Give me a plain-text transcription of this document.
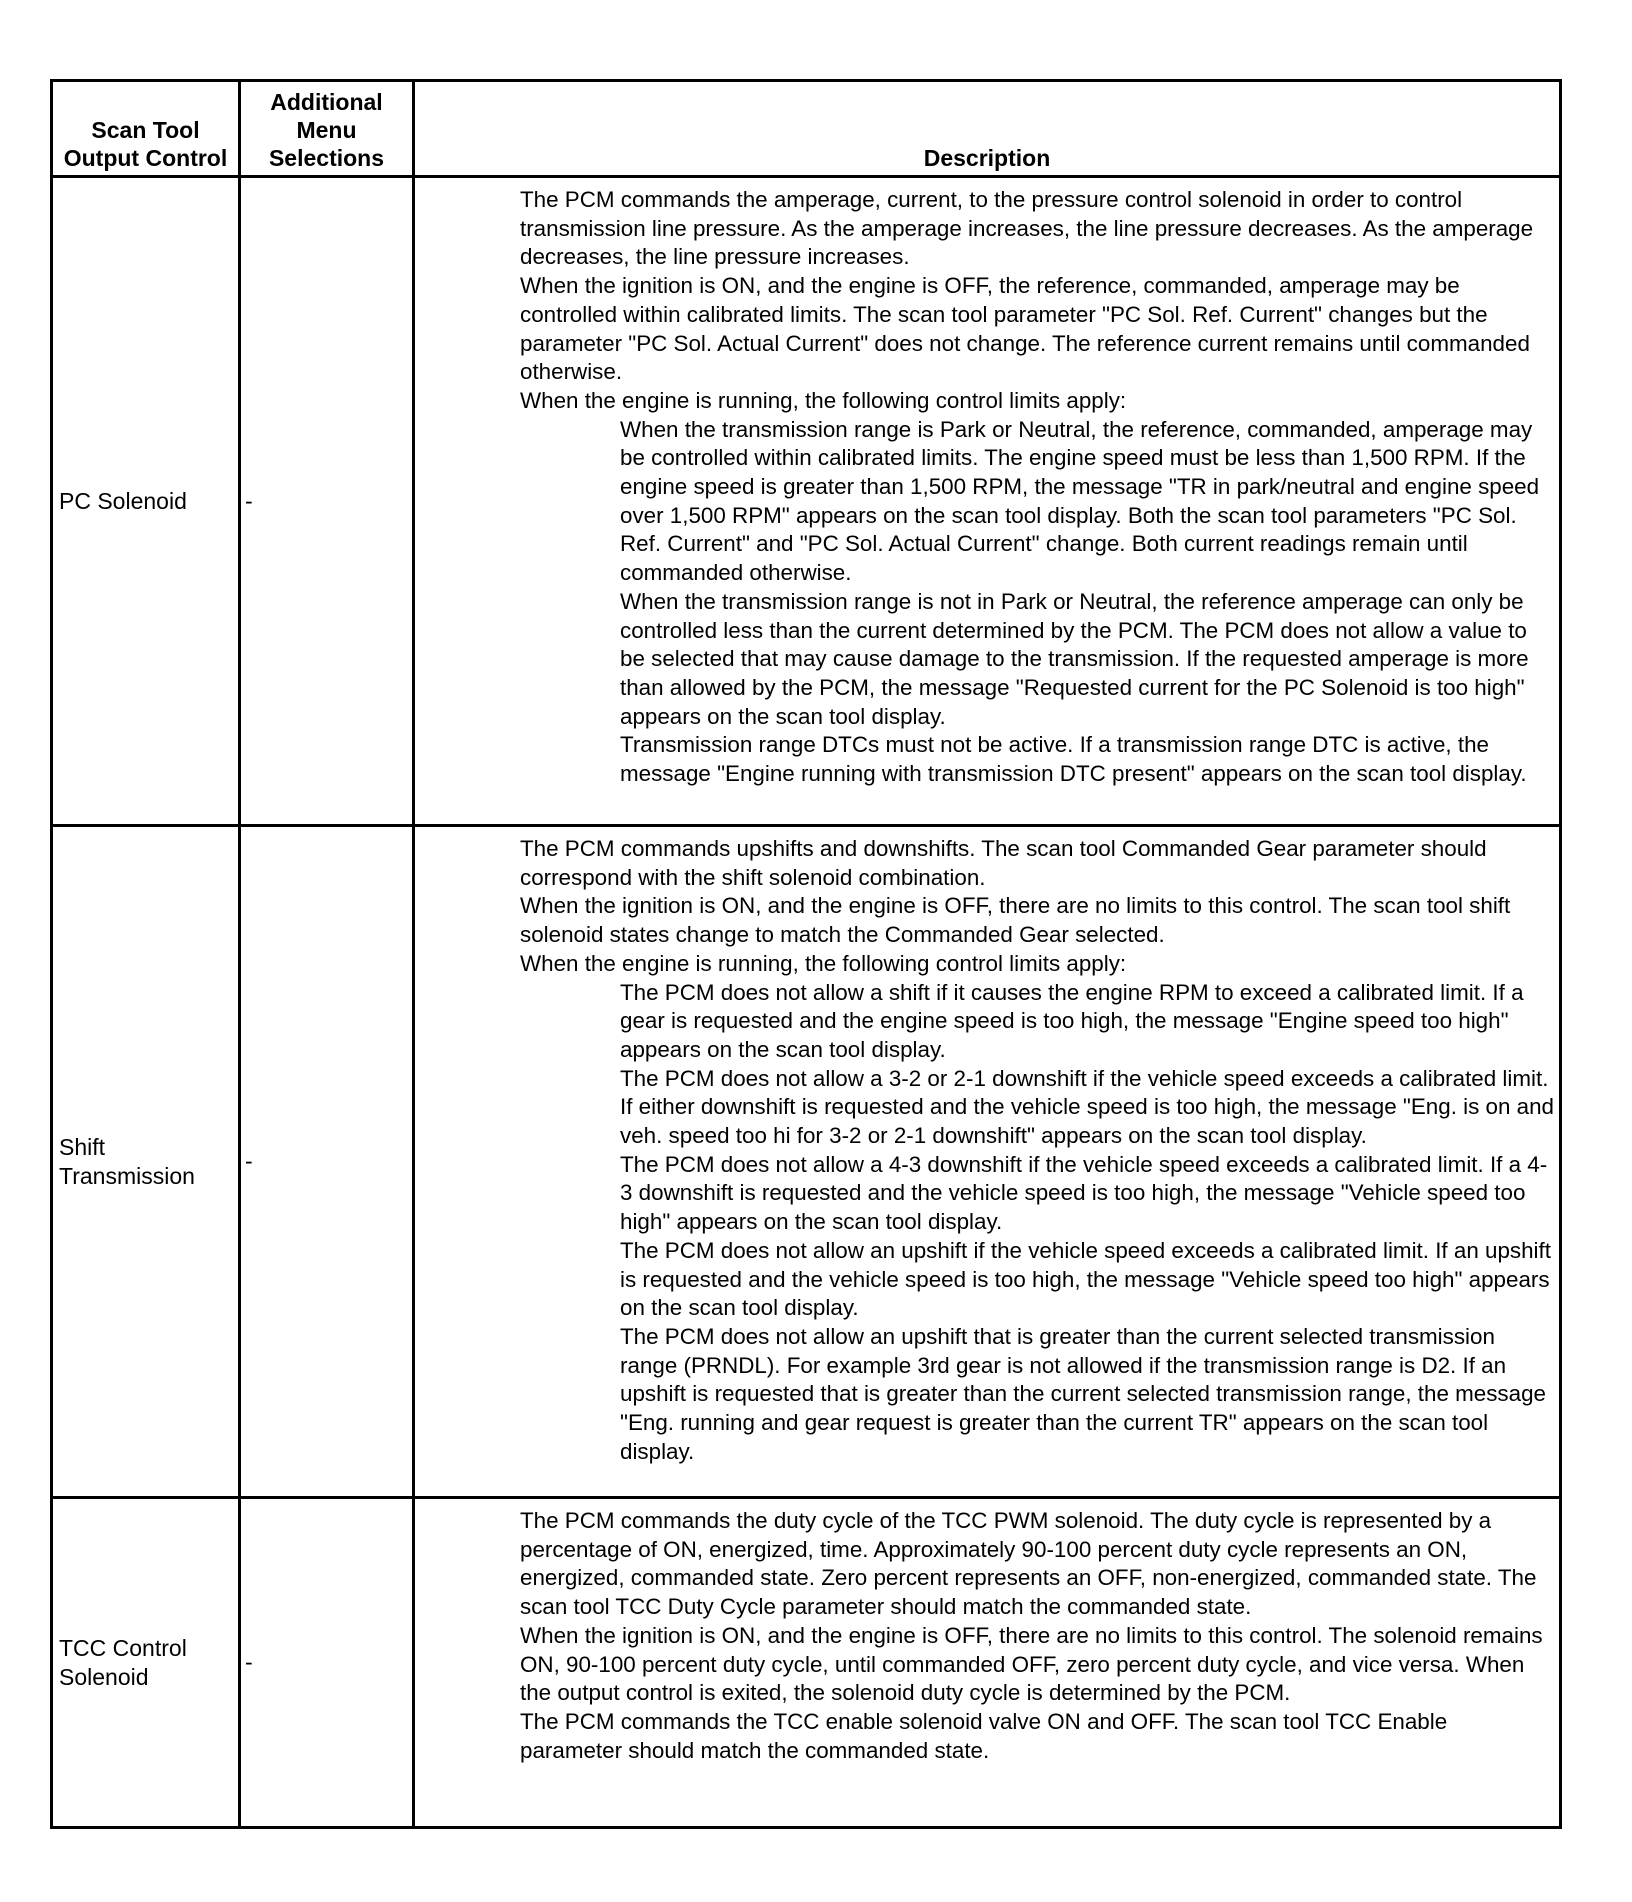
Scan Tool
Output Control
Additional
Menu
Selections	Description
PC Solenoid	-
The PCM commands the amperage, current, to the pressure control solenoid in order to control transmission line pressure. As the amperage increases, the line pressure decreases. As the amperage decreases, the line pressure increases.
When the ignition is ON, and the engine is OFF, the reference, commanded, amperage may be controlled within calibrated limits. The scan tool parameter "PC Sol. Ref. Current" changes but the parameter "PC Sol. Actual Current" does not change. The reference current remains until commanded otherwise.
When the engine is running, the following control limits apply:
When the transmission range is Park or Neutral, the reference, commanded, amperage may be controlled within calibrated limits. The engine speed must be less than 1,500 RPM. If the engine speed is greater than 1,500 RPM, the message "TR in park/neutral and engine speed over 1,500 RPM" appears on the scan tool display. Both the scan tool parameters "PC Sol. Ref. Current" and "PC Sol. Actual Current" change. Both current readings remain until commanded otherwise.
When the transmission range is not in Park or Neutral, the reference amperage can only be controlled less than the current determined by the PCM. The PCM does not allow a value to be selected that may cause damage to the transmission. If the requested amperage is more than allowed by the PCM, the message "Requested current for the PC Solenoid is too high" appears on the scan tool display.
Transmission range DTCs must not be active. If a transmission range DTC is active, the message "Engine running with transmission DTC present" appears on the scan tool display.
Shift
Transmission
-
The PCM commands upshifts and downshifts. The scan tool Commanded Gear parameter should correspond with the shift solenoid combination.
When the ignition is ON, and the engine is OFF, there are no limits to this control. The scan tool shift solenoid states change to match the Commanded Gear selected.
When the engine is running, the following control limits apply:
The PCM does not allow a shift if it causes the engine RPM to exceed a calibrated limit. If a gear is requested and the engine speed is too high, the message "Engine speed too high" appears on the scan tool display.
The PCM does not allow a 3-2 or 2-1 downshift if the vehicle speed exceeds a calibrated limit. If either downshift is requested and the vehicle speed is too high, the message "Eng. is on and veh. speed too hi for 3-2 or 2-1 downshift" appears on the scan tool display.
The PCM does not allow a 4-3 downshift if the vehicle speed exceeds a calibrated limit. If a 4-3 downshift is requested and the vehicle speed is too high, the message "Vehicle speed too high" appears on the scan tool display.
The PCM does not allow an upshift if the vehicle speed exceeds a calibrated limit. If an upshift is requested and the vehicle speed is too high, the message "Vehicle speed too high" appears on the scan tool display.
The PCM does not allow an upshift that is greater than the current selected transmission range (PRNDL). For example 3rd gear is not allowed if the transmission range is D2. If an upshift is requested that is greater than the current selected transmission range, the message "Eng. running and gear request is greater than the current TR" appears on the scan tool display.
TCC Control
Solenoid
-
The PCM commands the duty cycle of the TCC PWM solenoid. The duty cycle is represented by a percentage of ON, energized, time. Approximately 90-100 percent duty cycle represents an ON, energized, commanded state. Zero percent represents an OFF, non-energized, commanded state. The scan tool TCC Duty Cycle parameter should match the commanded state.
When the ignition is ON, and the engine is OFF, there are no limits to this control. The solenoid remains ON, 90-100 percent duty cycle, until commanded OFF, zero percent duty cycle, and vice versa. When the output control is exited, the solenoid duty cycle is determined by the PCM.
The PCM commands the TCC enable solenoid valve ON and OFF. The scan tool TCC Enable parameter should match the commanded state.
